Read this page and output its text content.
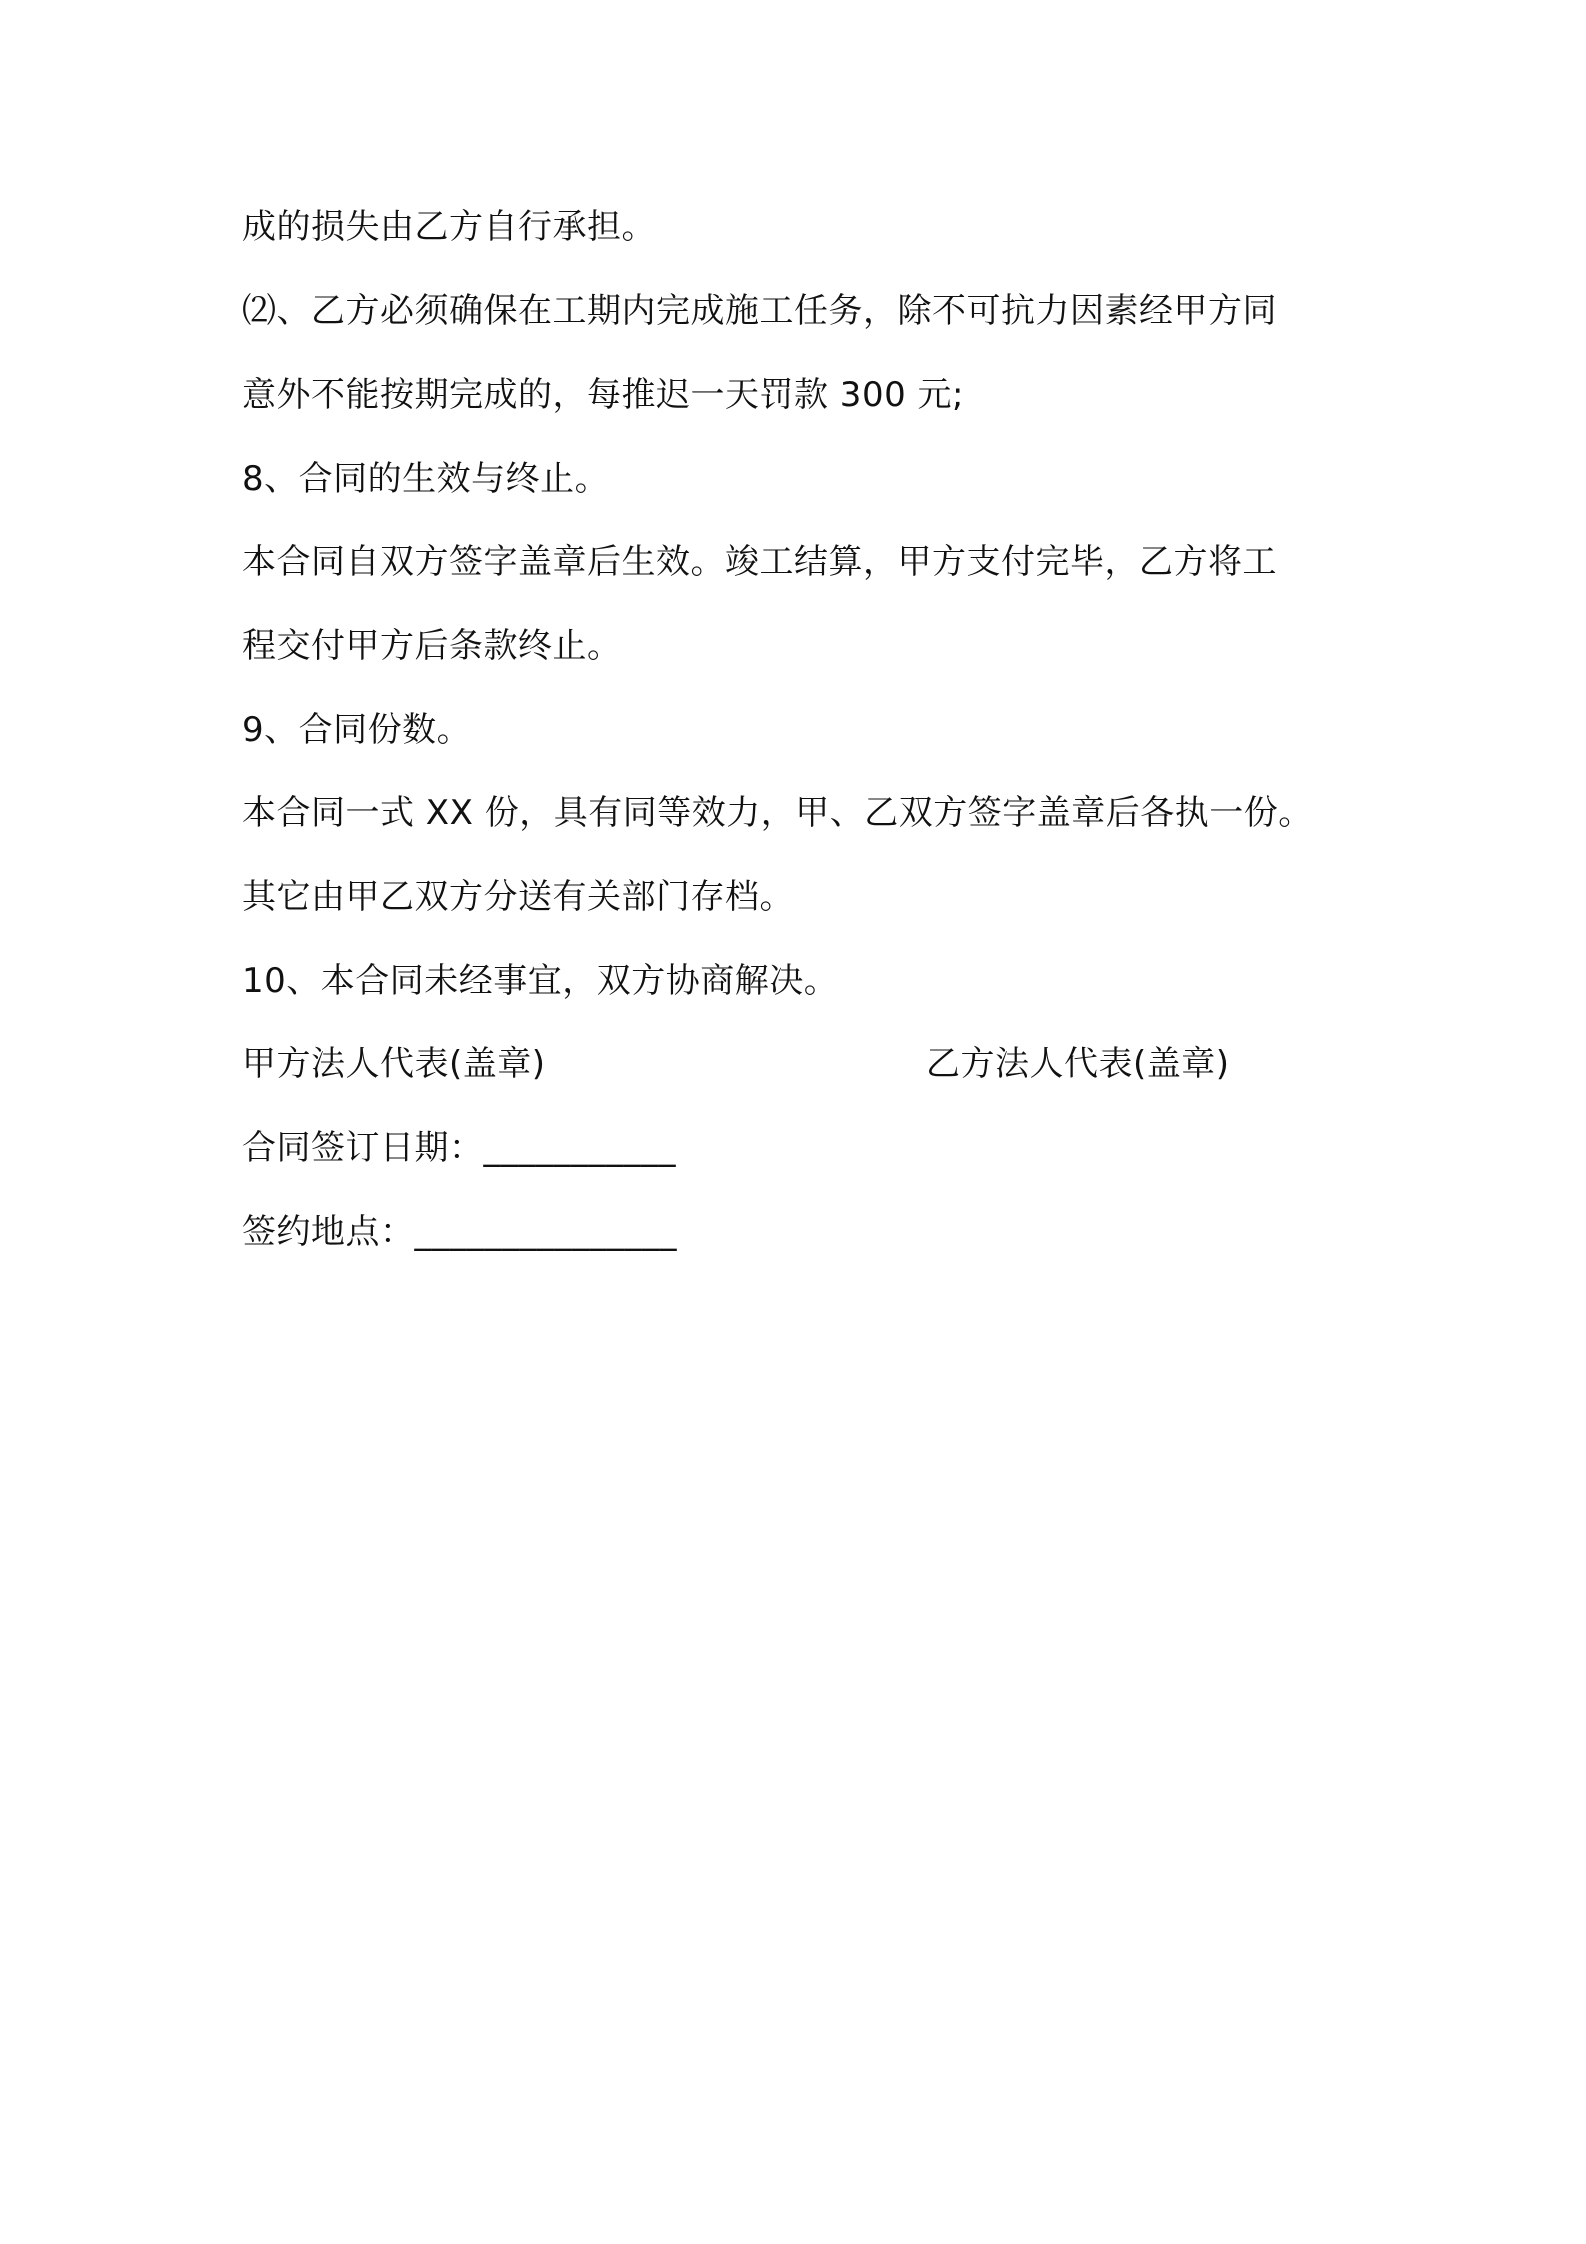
成的损失由乙方自行承担。
⑵、乙方必须确保在工期内完成施工任务，除不可抗力因素经甲方同
意外不能按期完成的，每推迟一天罚款 300 元;
8、合同的生效与终止。
本合同自双方签字盖章后生效。竣工结算，甲方支付完毕，乙方将工
程交付甲方后条款终止。
9、合同份数。
本合同一式 XX 份，具有同等效力，甲、乙双方签字盖章后各执一份。
其它由甲乙双方分送有关部门存档。
10、本合同未经事宜，双方协商解决。
甲方法人代表(盖章)	乙方法人代表(盖章)
合同签订日期：___________
签约地点：_______________
